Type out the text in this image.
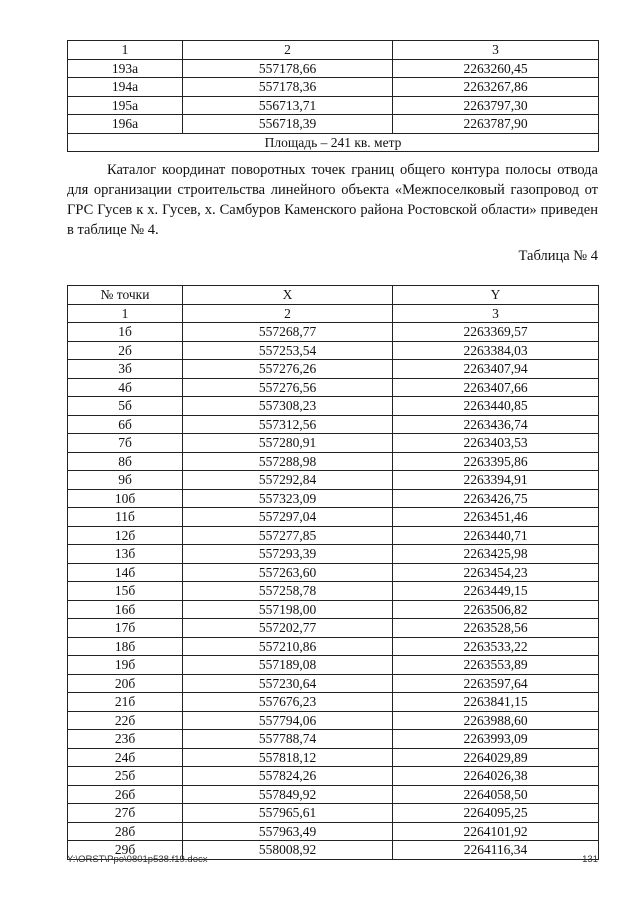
1	2	3
193а	557178,66	2263260,45
194а	557178,36	2263267,86
195а	556713,71	2263797,30
196а	556718,39	2263787,90
Площадь – 241 кв. метр		

Каталог координат поворотных точек границ общего контура полосы отвода для организации строительства линейного объекта «Межпоселковый газопровод от ГРС Гусев к х. Гусев, х. Самбуров Каменского района Ростовской области» приведен в таблице № 4.

Таблица № 4

№ точки	X	Y
1	2	3
1б	557268,77	2263369,57
2б	557253,54	2263384,03
3б	557276,26	2263407,94
4б	557276,56	2263407,66
5б	557308,23	2263440,85
6б	557312,56	2263436,74
7б	557280,91	2263403,53
8б	557288,98	2263395,86
9б	557292,84	2263394,91
10б	557323,09	2263426,75
11б	557297,04	2263451,46
12б	557277,85	2263440,71
13б	557293,39	2263425,98
14б	557263,60	2263454,23
15б	557258,78	2263449,15
16б	557198,00	2263506,82
17б	557202,77	2263528,56
18б	557210,86	2263533,22
19б	557189,08	2263553,89
20б	557230,64	2263597,64
21б	557676,23	2263841,15
22б	557794,06	2263988,60
23б	557788,74	2263993,09
24б	557818,12	2264029,89
25б	557824,26	2264026,38
26б	557849,92	2264058,50
27б	557965,61	2264095,25
28б	557963,49	2264101,92
29б	558008,92	2264116,34
Y:\ORST\Ppo\0801p538.f19.docx	131
